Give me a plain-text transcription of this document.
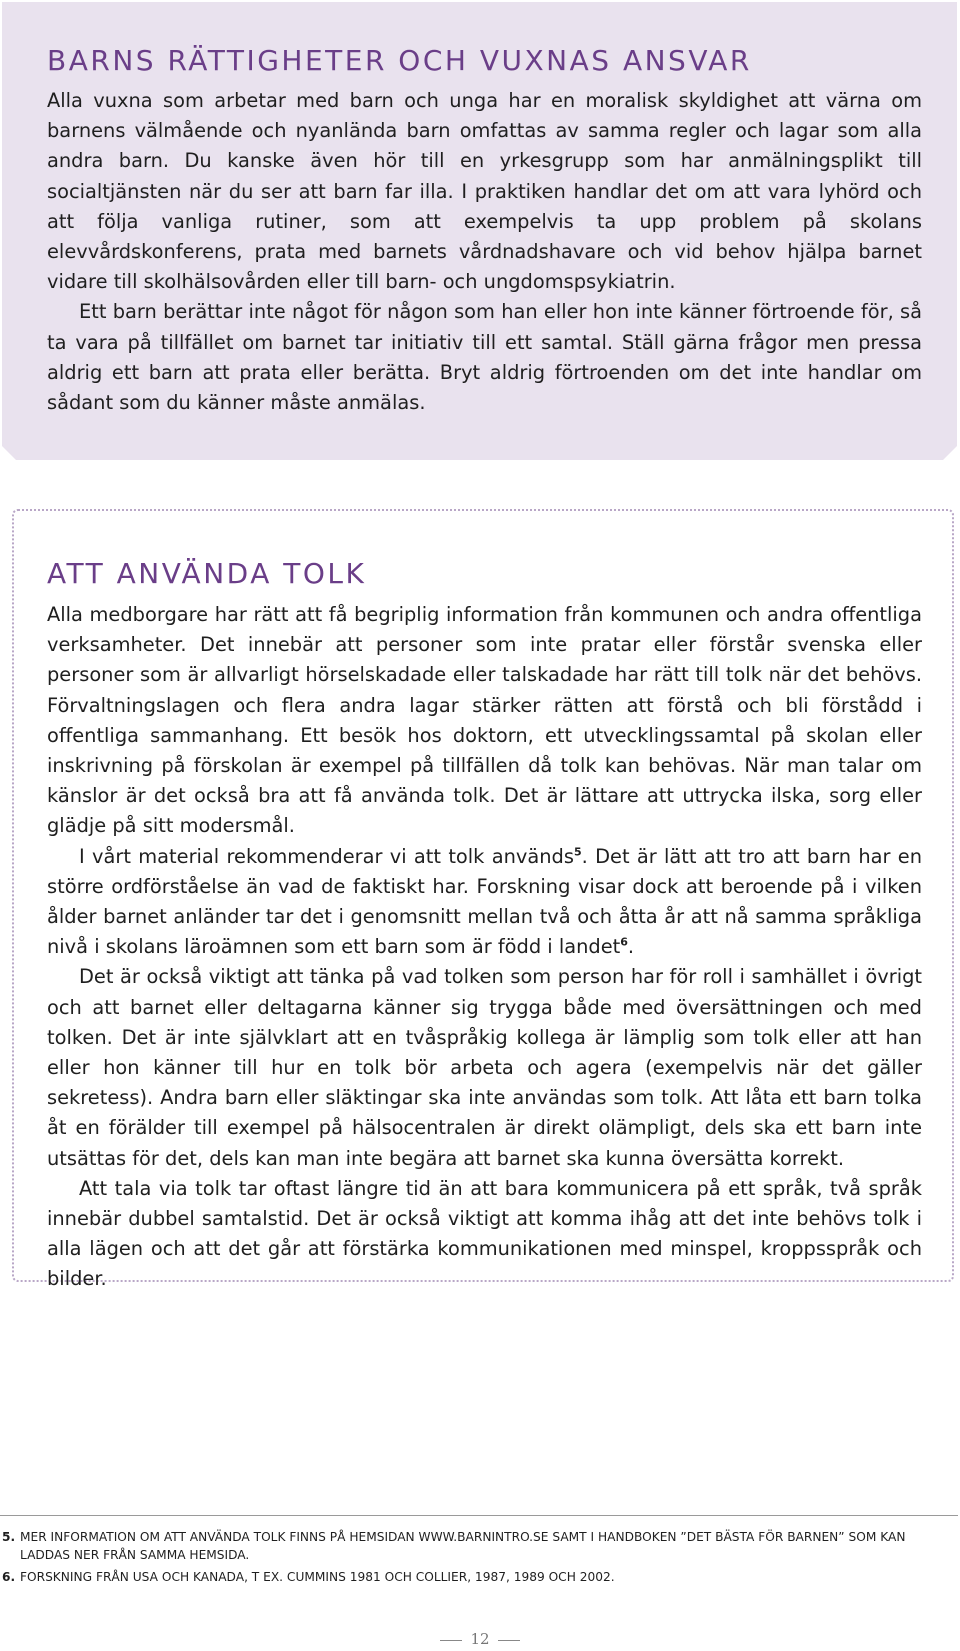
BARNS RÄTTIGHETER OCH VUXNAS ANSVAR

Alla vuxna som arbetar med barn och unga har en moralisk skyldighet att värna om barnens välmående och nyanlända barn omfattas av samma regler och lagar som alla andra barn. Du kanske även hör till en yrkesgrupp som har anmälningsplikt till socialtjänsten när du ser att barn far illa. I praktiken handlar det om att vara lyhörd och att följa vanliga rutiner, som att exempelvis ta upp problem på skolans elevvårdskonferens, prata med barnets vårdnadshavare och vid behov hjälpa barnet vidare till skolhälsovården eller till barn- och ungdomspsykiatrin.

Ett barn berättar inte något för någon som han eller hon inte känner förtroende för, så ta vara på tillfället om barnet tar initiativ till ett samtal. Ställ gärna frågor men pressa aldrig ett barn att prata eller berätta. Bryt aldrig förtroenden om det inte handlar om sådant som du känner måste anmälas.

ATT ANVÄNDA TOLK

Alla medborgare har rätt att få begriplig information från kommunen och andra offentliga verksamheter. Det innebär att personer som inte pratar eller förstår svenska eller personer som är allvarligt hörselskadade eller talskadade har rätt till tolk när det behövs. Förvaltningslagen och flera andra lagar stärker rätten att förstå och bli förstådd i offentliga sammanhang. Ett besök hos doktorn, ett utvecklingssamtal på skolan eller inskrivning på förskolan är exempel på tillfällen då tolk kan behövas. När man talar om känslor är det också bra att få använda tolk. Det är lättare att uttrycka ilska, sorg eller glädje på sitt modersmål.

I vårt material rekommenderar vi att tolk används$^5$. Det är lätt att tro att barn har en större ordförståelse än vad de faktiskt har. Forskning visar dock att beroende på i vilken ålder barnet anländer tar det i genomsnitt mellan två och åtta år att nå samma språkliga nivå i skolans läroämnen som ett barn som är född i landet$^6$.

Det är också viktigt att tänka på vad tolken som person har för roll i samhället i övrigt och att barnet eller deltagarna känner sig trygga både med översättningen och med tolken. Det är inte självklart att en tvåspråkig kollega är lämplig som tolk eller att han eller hon känner till hur en tolk bör arbeta och agera (exempelvis när det gäller sekretess). Andra barn eller släktingar ska inte användas som tolk. Att låta ett barn tolka åt en förälder till exempel på hälsocentralen är direkt olämpligt, dels ska ett barn inte utsättas för det, dels kan man inte begära att barnet ska kunna översätta korrekt.

Att tala via tolk tar oftast längre tid än att bara kommunicera på ett språk, två språk innebär dubbel samtalstid. Det är också viktigt att komma ihåg att det inte behövs tolk i alla lägen och att det går att förstärka kommunikationen med minspel, kroppsspråk och bilder.

5. MER INFORMATION OM ATT ANVÄNDA TOLK FINNS PÅ HEMSIDAN WWW.BARNINTRO.SE SAMT I HANDBOKEN ”DET BÄSTA FÖR BARNEN” SOM KAN LADDAS NER FRÅN SAMMA HEMSIDA.
6. FORSKNING FRÅN USA OCH KANADA, T EX. CUMMINS 1981 OCH COLLIER, 1987, 1989 OCH 2002.
12
